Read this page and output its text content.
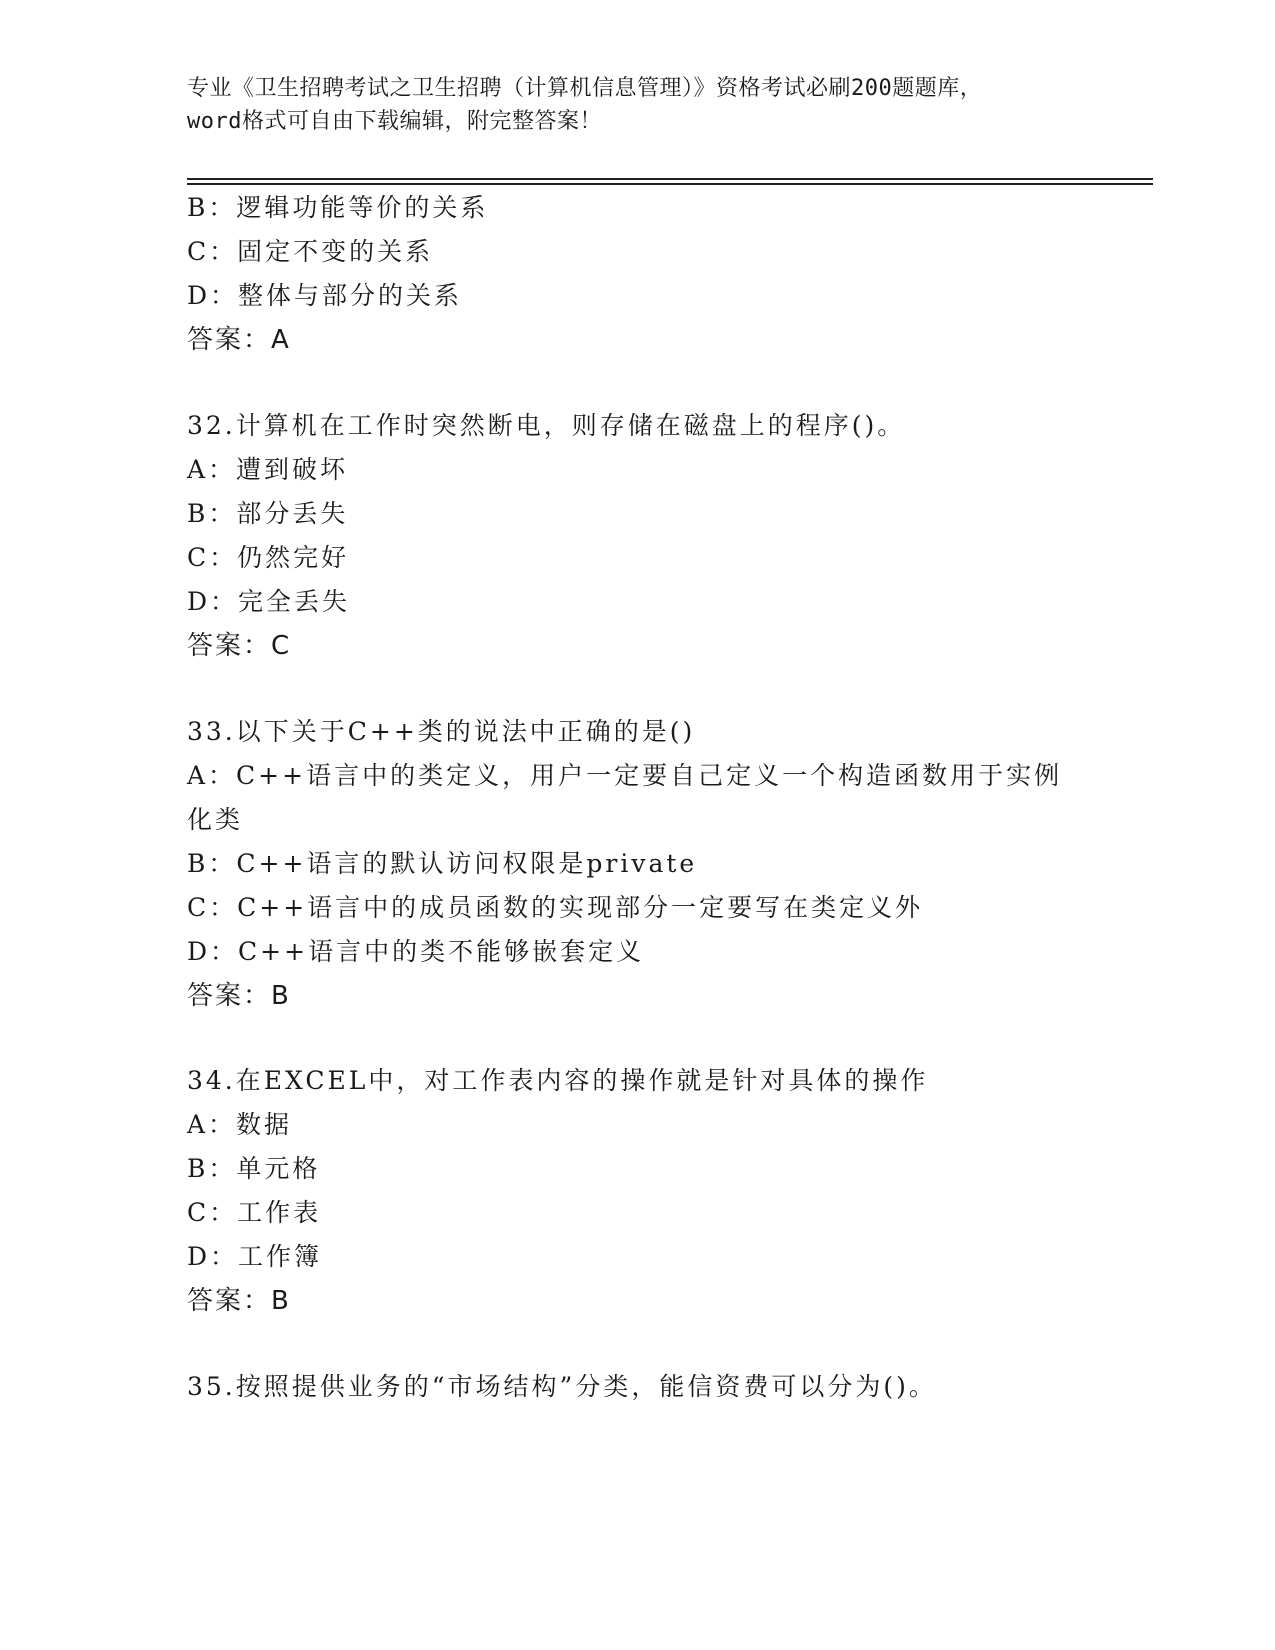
专业《卫生招聘考试之卫生招聘（计算机信息管理）》资格考试必刷200题题库，
word格式可自由下载编辑，附完整答案！
B：逻辑功能等价的关系
C：固定不变的关系
D：整体与部分的关系
答案：A
32.计算机在工作时突然断电，则存储在磁盘上的程序()。
A：遭到破坏
B：部分丢失
C：仍然完好
D：完全丢失
答案：C
33.以下关于C++类的说法中正确的是()
A：C++语言中的类定义，用户一定要自己定义一个构造函数用于实例
化类
B：C++语言的默认访问权限是private
C：C++语言中的成员函数的实现部分一定要写在类定义外
D：C++语言中的类不能够嵌套定义
答案：B
34.在EXCEL中，对工作表内容的操作就是针对具体的操作
A：数据
B：单元格
C：工作表
D：工作簿
答案：B
35.按照提供业务的“市场结构”分类，能信资费可以分为()。
